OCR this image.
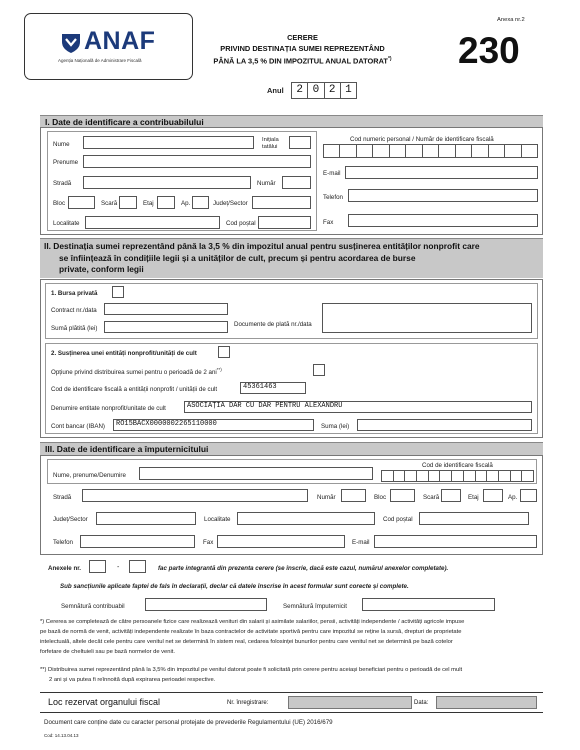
ANAF
Agenția Națională de Administrare Fiscală
CERERE
PRIVIND DESTINAȚIA SUMEI REPREZENTÂND
PÂNĂ LA 3,5 % DIN IMPOZITUL ANUAL DATORAT*)
Anexa nr.2
230
Anul	2 0 2 1
I. Date de identificare a contribuabilului
Nume
Inițiala tatălui
Cod numeric personal / Număr de identificare fiscală
Prenume
E-mail
Stradă	Număr
Bloc	Scară	Etaj	Ap.	Județ/Sector
Telefon
Localitate	Cod poștal	Fax
II. Destinația sumei reprezentând până la 3,5 % din impozitul anual pentru susținerea entităților nonprofit care
se înființează în condițiile legii și a unităților de cult, precum și pentru acordarea de burse
private, conform legii
1. Bursa privată
Contract nr./data
Sumă plătită (lei)
Documente de plată nr./data
2. Susținerea unei entități nonprofit/unități de cult
Opțiune privind distribuirea sumei pentru o perioadă de 2 ani**)
Cod de identificare fiscală a entității nonprofit / unității de cult	45361463
Denumire entitate nonprofit/unitate de cult	ASOCIAȚIA DAR CU DAR PENTRU ALEXANDRU
Cont bancar (IBAN) RO15BACX0000002265110000	Suma (lei)
III. Date de identificare a împuternicitului
Nume, prenume/Denumire
Cod de identificare fiscală
Stradă	Număr	Bloc	Scară	Etaj	Ap.
Județ/Sector	Localitate	Cod poștal
Telefon	Fax	E-mail
Anexele nr.	-	fac parte integrantă din prezenta cerere (se înscrie, dacă este cazul, numărul anexelor completate).
Sub sancțiunile aplicate faptei de fals în declarații, declar că datele înscrise în acest formular sunt corecte și complete.
Semnătură contribuabil	Semnătură împuternicit
*) Cererea se completează de către persoanele fizice care realizează venituri din salarii și asimilate salariilor, pensii, activități independente / activități agricole impuse
pe bază de normă de venit, activități independente realizate în baza contractelor de activitate sportivă pentru care impozitul se reține la sursă, drepturi de proprietate
intelectuală, altele decât cele pentru care venitul net se determină în sistem real, cedarea folosinței bunurilor pentru care venitul net se determină pe bază cotelor
forfetare de cheltuieli sau pe bază normelor de venit.
**) Distribuirea sumei reprezentând până la 3,5% din impozitul pe venitul datorat poate fi solicitată prin cerere pentru aceiași beneficiari pentru o perioadă de cel mult
2 ani și va putea fi reînnoită după expirarea perioadei respective.
Loc rezervat organului fiscal	Nr. înregistrare:	Data:
Document care conține date cu caracter personal protejate de prevederile Regulamentului (UE) 2016/679
Cod: 14.13.04.13
